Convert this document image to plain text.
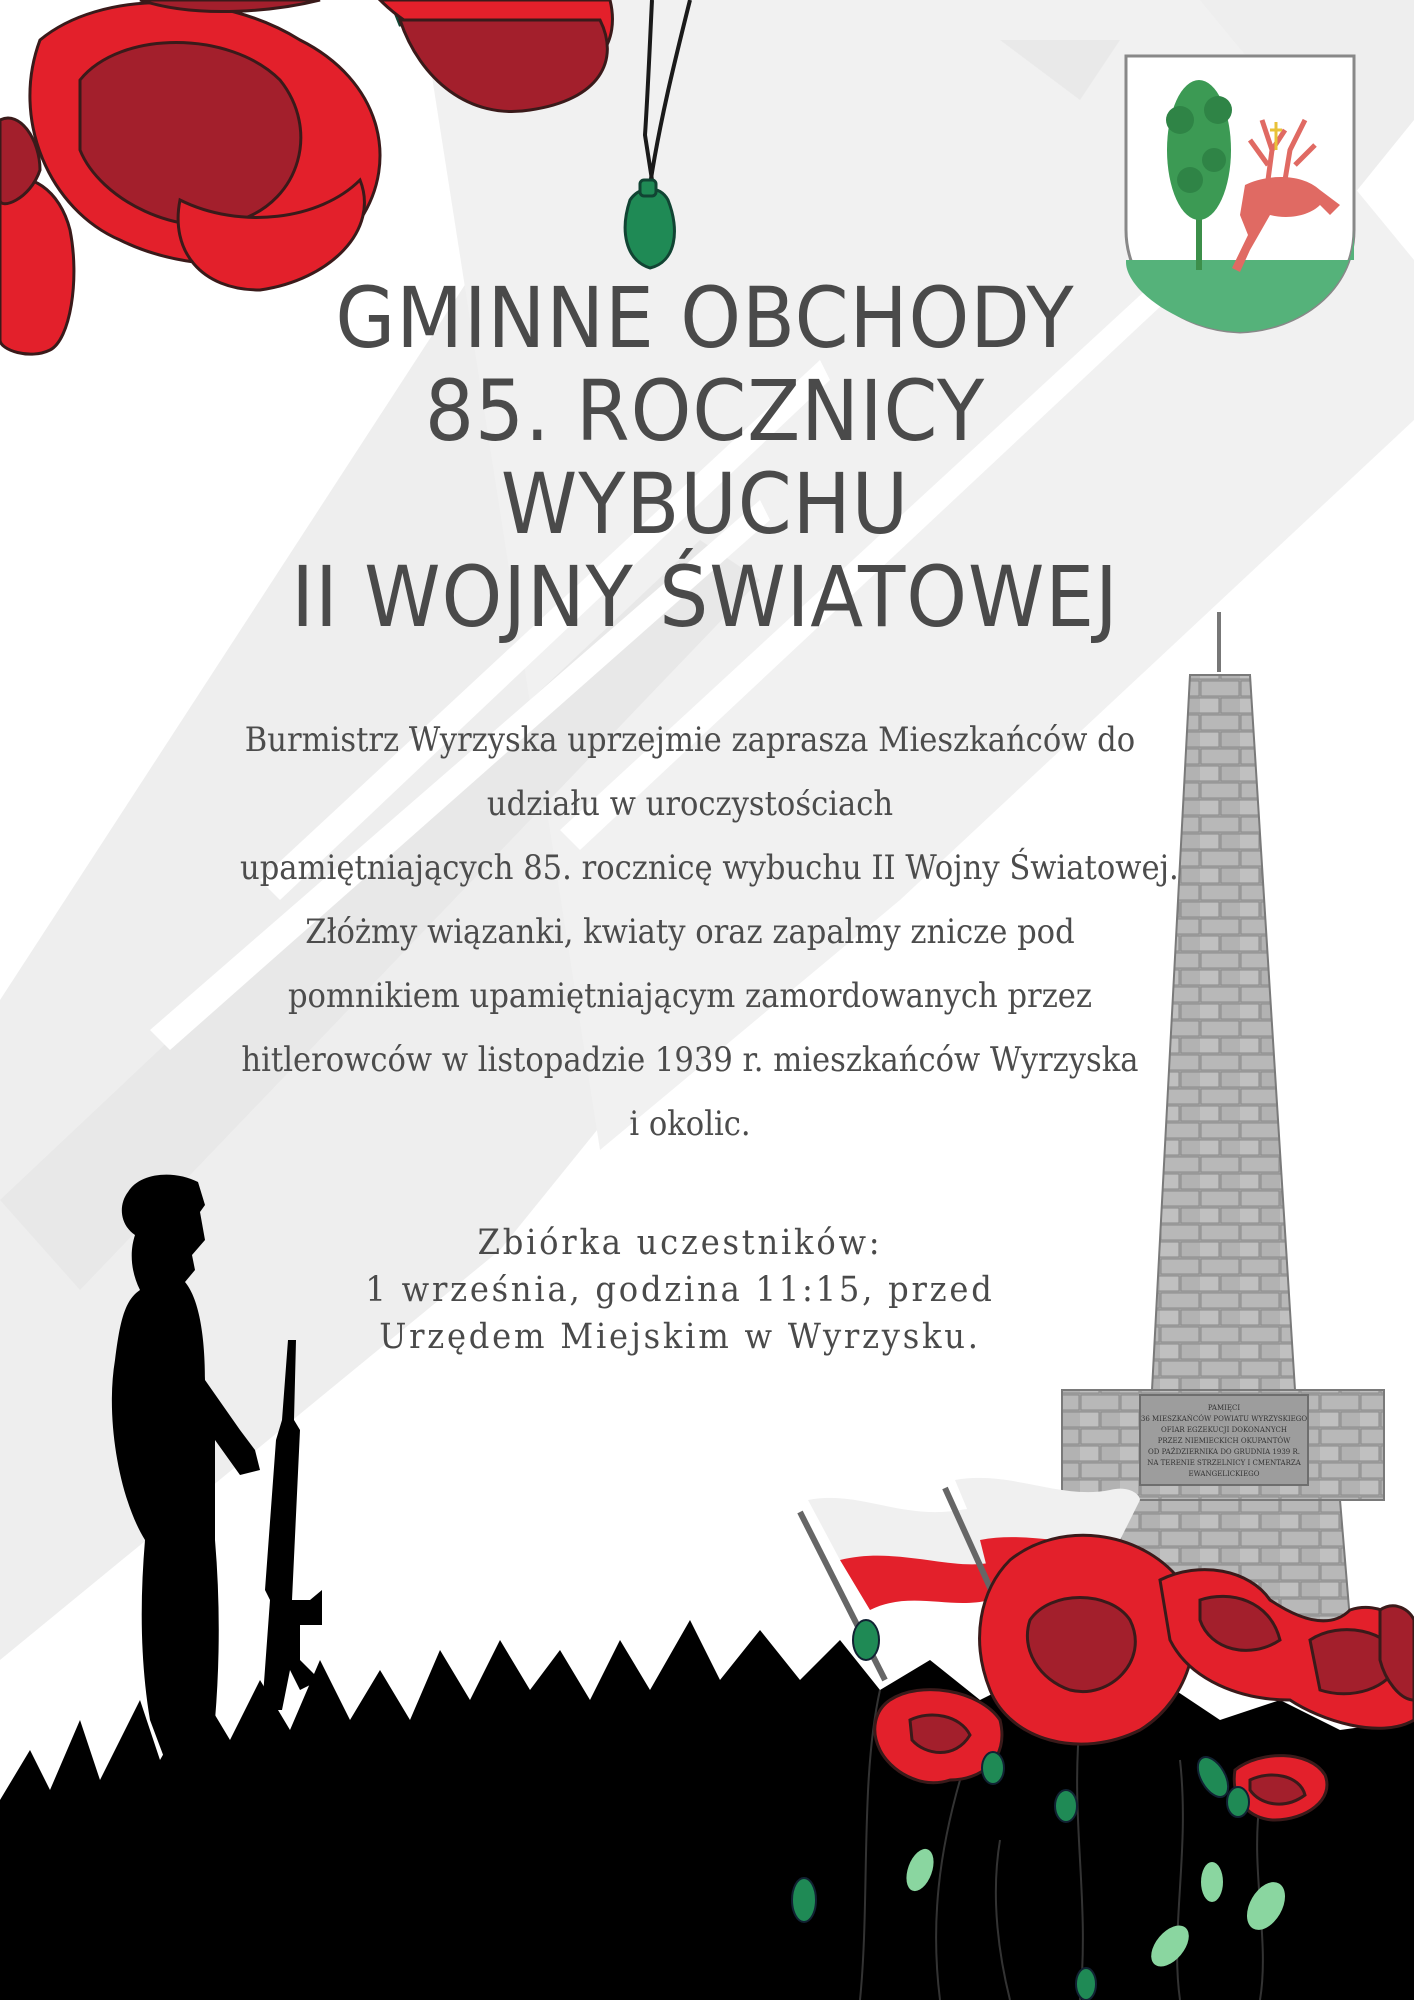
PAMIĘCI
36 MIESZKAŃCÓW POWIATU WYRZYSKIEGO
OFIAR EGZEKUCJI DOKONANYCH
PRZEZ NIEMIECKICH OKUPANTÓW
OD PAŹDZIERNIKA DO GRUDNIA 1939 R.
NA TERENIE STRZELNICY I CMENTARZA
EWANGELICKIEGO
GMINNE OBCHODY
85. ROCZNICY
WYBUCHU
II WOJNY ŚWIATOWEJ
Burmistrz Wyrzyska uprzejmie zaprasza Mieszkańców do
udziału w uroczystościach
upamiętniających 85. rocznicę wybuchu II Wojny Światowej.
Złóżmy wiązanki, kwiaty oraz zapalmy znicze pod
pomnikiem upamiętniającym zamordowanych przez
hitlerowców w listopadzie 1939 r. mieszkańców Wyrzyska
i okolic.
Zbiórka uczestników:
1 września, godzina 11:15, przed
Urzędem Miejskim w Wyrzysku.
